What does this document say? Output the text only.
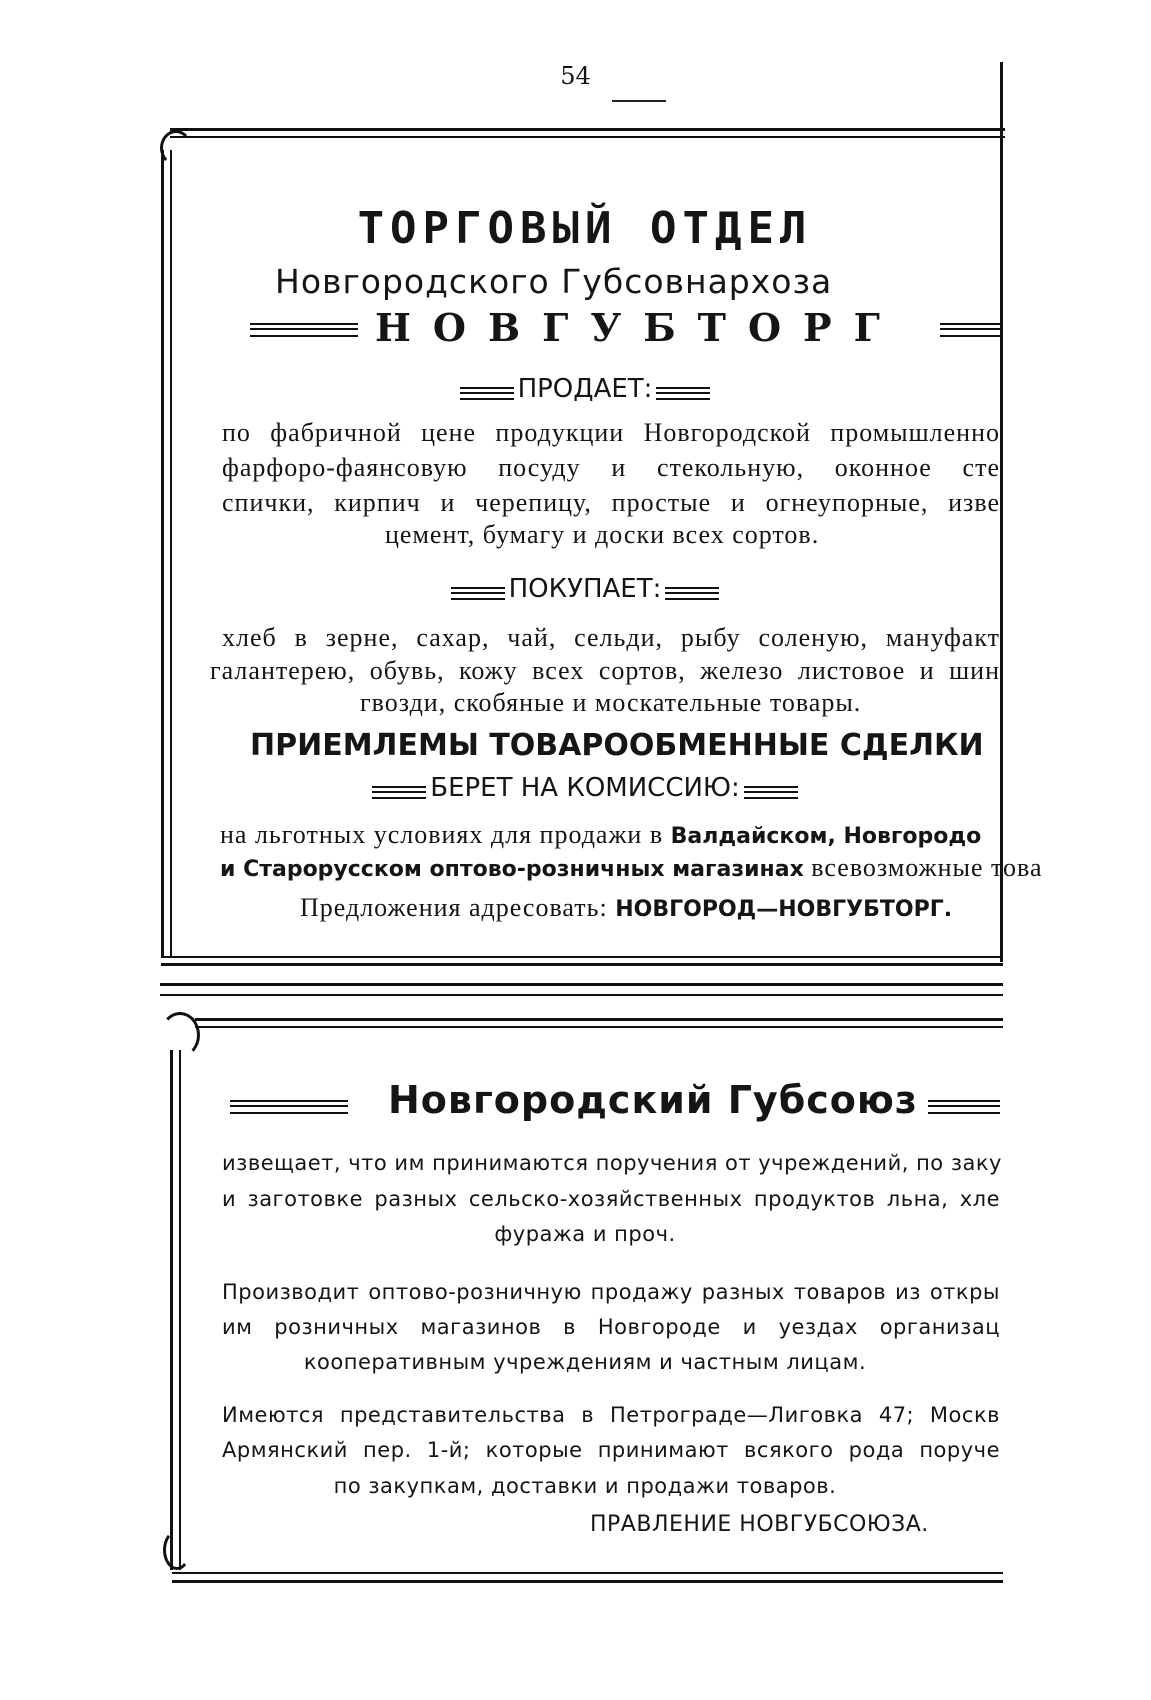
54
ТОРГОВЫЙ ОТДЕЛ
Новгородского Губсовнархоза
НОВГУБТОРГ
ПРОДАЕТ:
по фабричной цене продукции Новгородской промышленно
фарфоро-фаянсовую посуду и стекольную, оконное сте
спички, кирпич и черепицу, простые и огнеупорные, изве
цемент, бумагу и доски всех сортов.
ПОКУПАЕТ:
хлеб в зерне, сахар, чай, сельди, рыбу соленую, мануфакт
галантерею, обувь, кожу всех сортов, железо листовое и шин
гвозди, скобяные и москательные товары.
ПРИЕМЛЕМЫ ТОВАРООБМЕННЫЕ СДЕЛКИ
БЕРЕТ НА КОМИССИЮ:
на льготных условиях для продажи в Валдайском, Новгородо
и Старорусском оптово-розничных магазинах всевозможные това
Предложения адресовать: НОВГОРОД—НОВГУБТОРГ.
Новгородский Губсоюз
извещает, что им принимаются поручения от учреждений, по заку
и заготовке разных сельско-хозяйственных продуктов льна, хле
фуража и проч.
Производит оптово-розничную продажу разных товаров из откры
им розничных магазинов в Новгороде и уездах организац
кооперативным учреждениям и частным лицам.
Имеются представительства в Петрограде—Лиговка 47; Москв
Армянский пер. 1-й; которые принимают всякого рода поруче
по закупкам, доставки и продажи товаров.
ПРАВЛЕНИЕ НОВГУБСОЮЗА.
